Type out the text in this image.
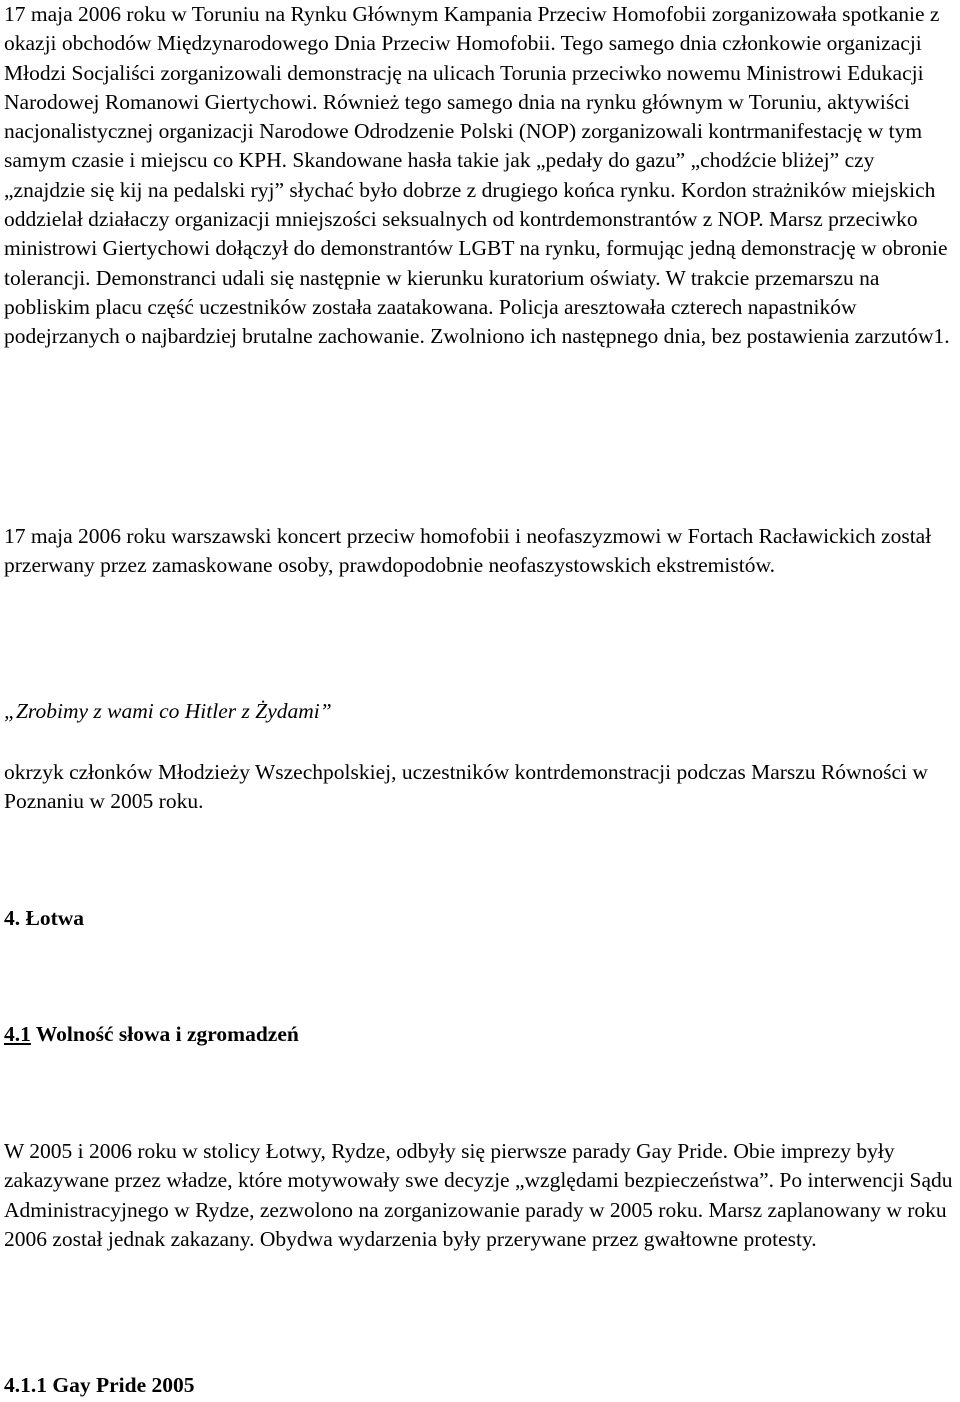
17 maja 2006 roku w Toruniu na Rynku Głównym Kampania Przeciw Homofobii zorganizowała spotkanie z okazji obchodów Międzynarodowego Dnia Przeciw Homofobii. Tego samego dnia członkowie organizacji Młodzi Socjaliści zorganizowali demonstrację na ulicach Torunia przeciwko nowemu Ministrowi Edukacji Narodowej Romanowi Giertychowi. Również tego samego dnia na rynku głównym w Toruniu, aktywiści nacjonalistycznej organizacji Narodowe Odrodzenie Polski (NOP) zorganizowali kontrmanifestację w tym samym czasie i miejscu co KPH. Skandowane hasła takie jak „pedały do gazu” „chodźcie bliżej” czy „znajdzie się kij na pedalski ryj” słychać było dobrze z drugiego końca rynku. Kordon strażników miejskich oddzielał działaczy organizacji mniejszości seksualnych od kontrdemonstrantów z NOP. Marsz przeciwko ministrowi Giertychowi dołączył do demonstrantów LGBT na rynku, formując jedną demonstrację w obronie tolerancji. Demonstranci udali się następnie w kierunku kuratorium oświaty. W trakcie przemarszu na pobliskim placu część uczestników została zaatakowana. Policja aresztowała czterech napastników podejrzanych o najbardziej brutalne zachowanie. Zwolniono ich następnego dnia, bez postawienia zarzutów1.

17 maja 2006 roku warszawski koncert przeciw homofobii i neofaszyzmowi w Fortach Racławickich został przerwany przez zamaskowane osoby, prawdopodobnie neofaszystowskich ekstremistów.

„Zrobimy z wami co Hitler z Żydami”

okrzyk członków Młodzieży Wszechpolskiej, uczestników kontrdemonstracji podczas Marszu Równości w Poznaniu w 2005 roku.

4. Łotwa
4.1 Wolność słowa i zgromadzeń

W 2005 i 2006 roku w stolicy Łotwy, Rydze, odbyły się pierwsze parady Gay Pride. Obie imprezy były zakazywane przez władze, które motywowały swe decyzje „względami bezpieczeństwa”. Po interwencji Sądu Administracyjnego w Rydze, zezwolono na zorganizowanie parady w 2005 roku. Marsz zaplanowany w roku 2006 został jednak zakazany. Obydwa wydarzenia były przerywane przez gwałtowne protesty.

4.1.1 Gay Pride 2005
